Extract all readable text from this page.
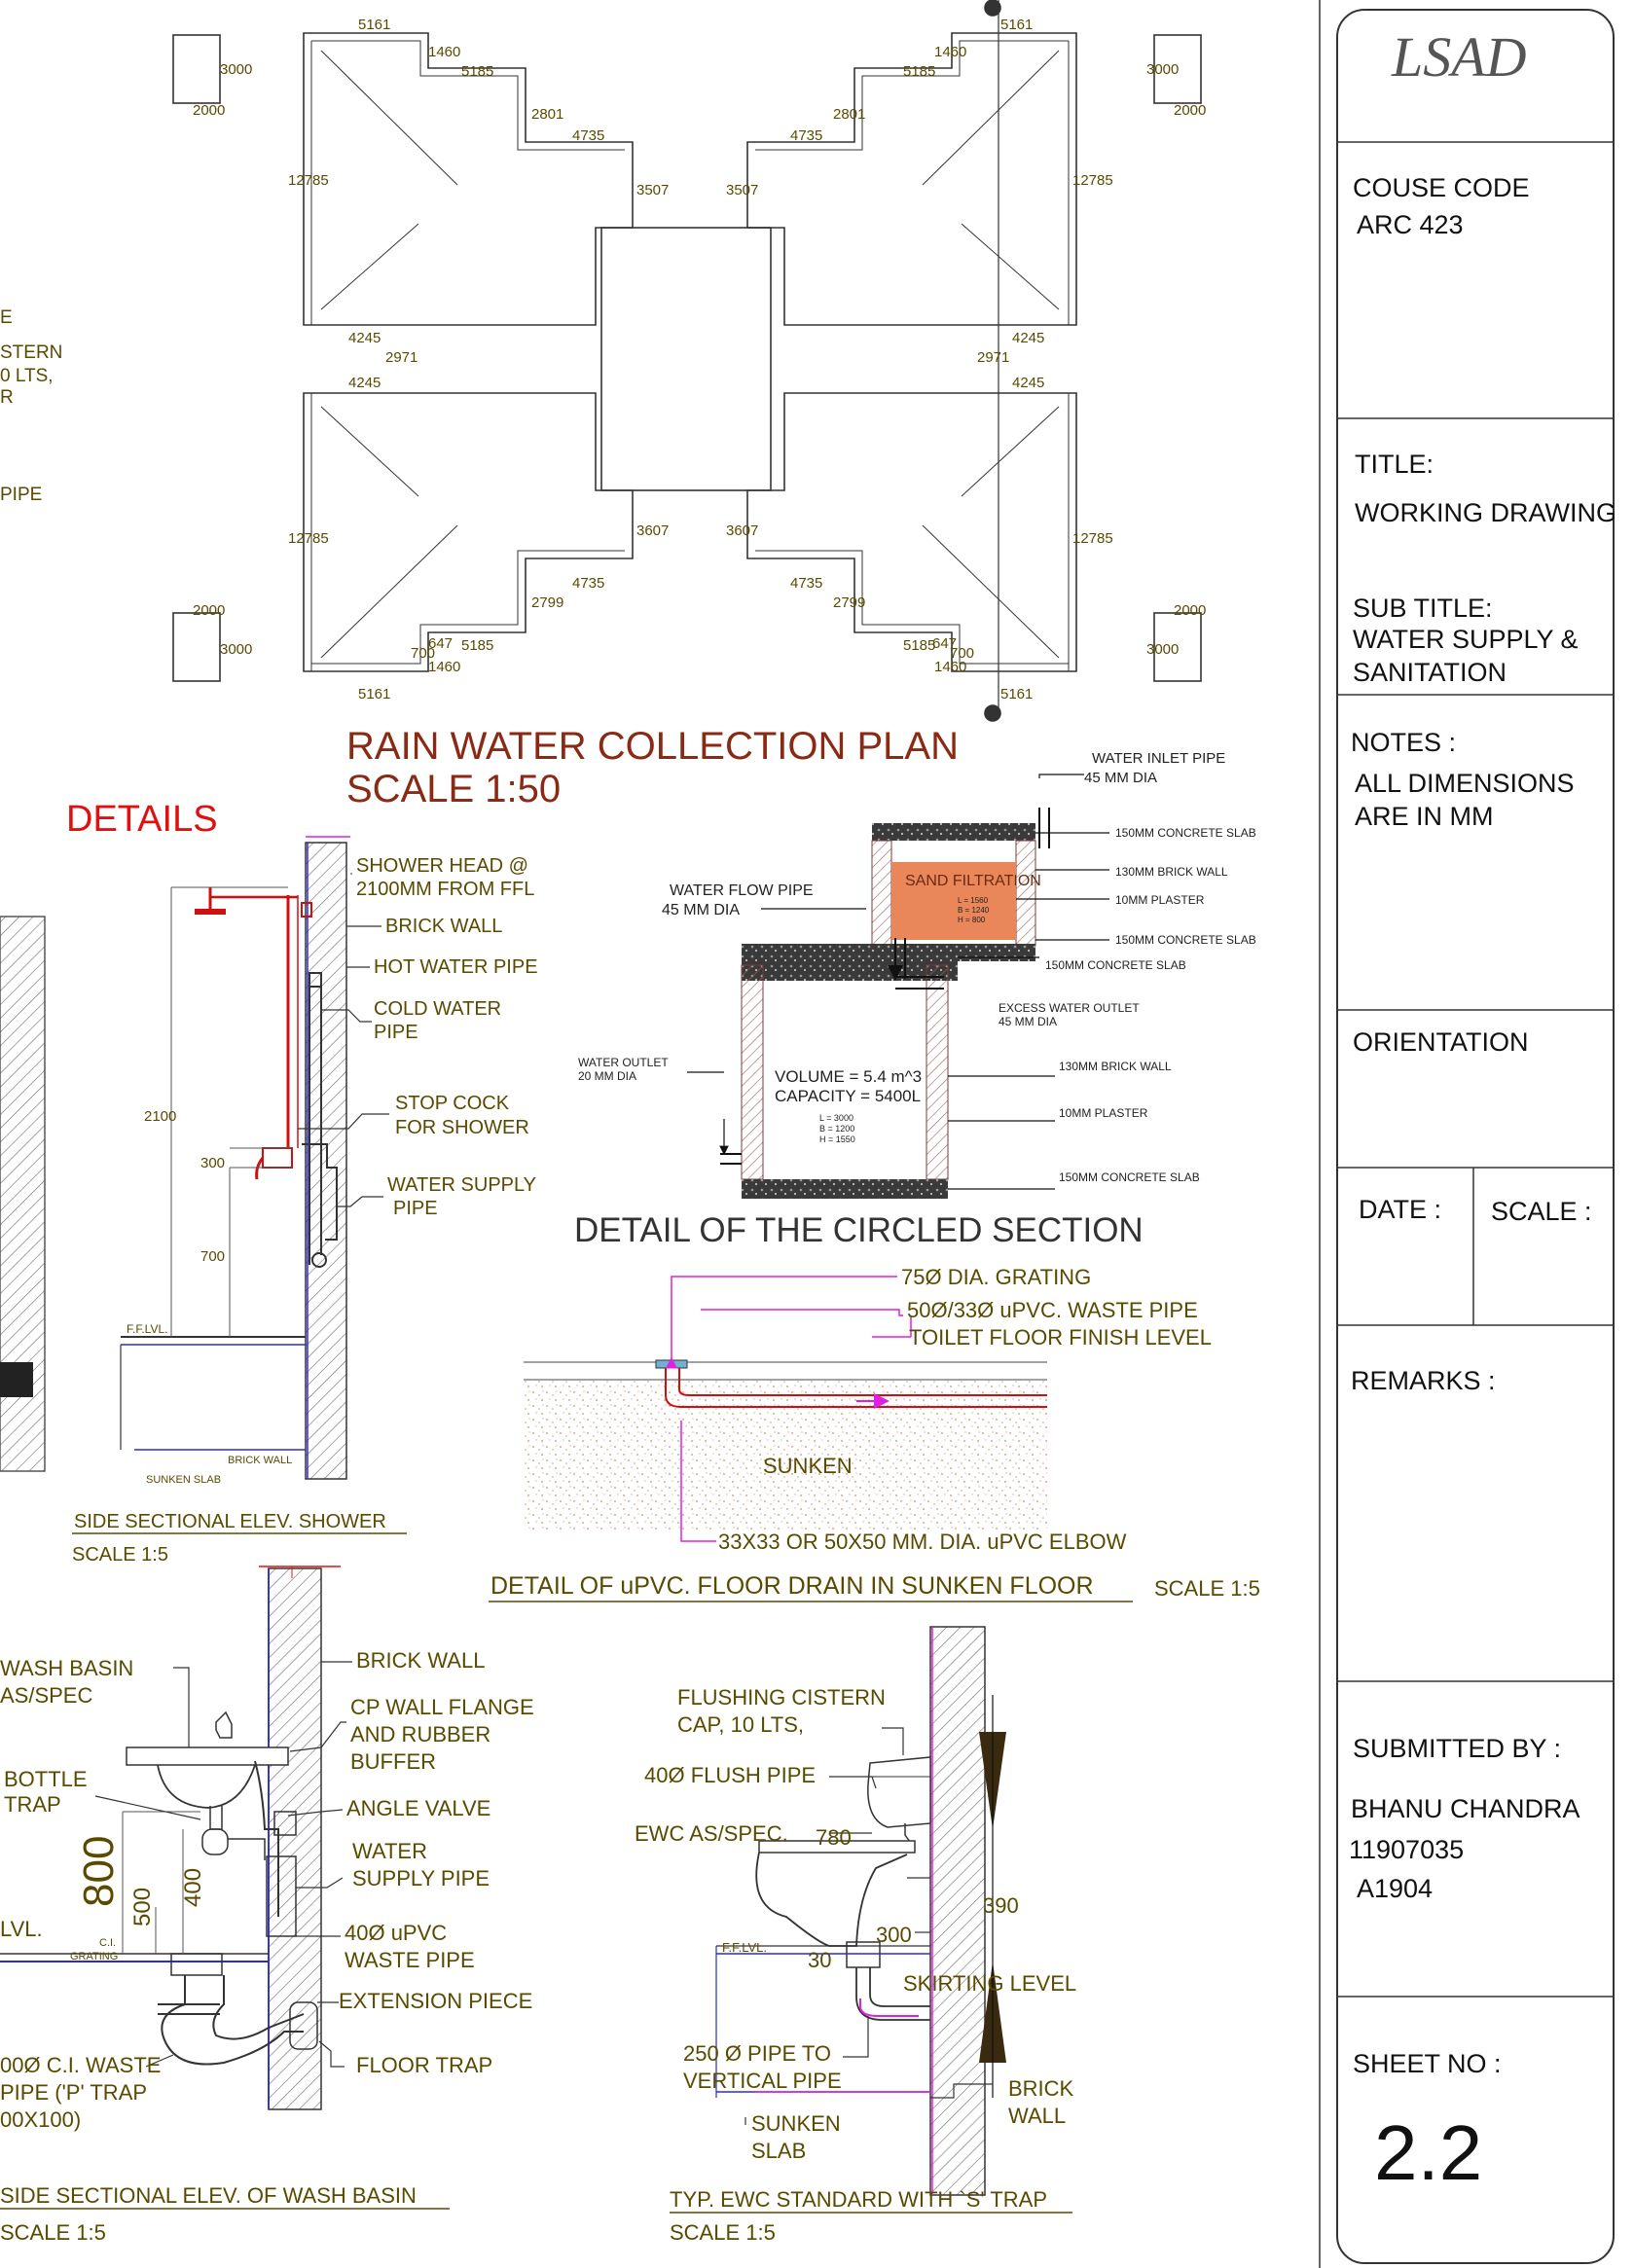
LSAD
COUSE CODE
ARC 423
TITLE:
WORKING DRAWING
SUB TITLE:
WATER SUPPLY &
SANITATION
NOTES :
ALL DIMENSIONS
ARE IN MM
ORIENTATION
DATE : SCALE :
REMARKS :
SUBMITTED BY :
BHANU CHANDRA
11907035
A1904
SHEET NO :
2.2
5161
1460
5185
2801
4735
3507
12785
4245
2971
4245
3607
12785
4735
2799
647
700 5185
1460
5161
5161
1460
5185
2801
4735
3507
12785
4245
2971
4245
3607	12785
4735
2799
647
700
5185
1460
5161
3000
2000
3000
2000
2000
3000
2000
3000
E
STERN
0 LTS,
R
PIPE
RAIN WATER COLLECTION PLAN
SCALE 1:50
DETAILS
SHOWER HEAD @
2100MM FROM FFL
BRICK WALL
HOT WATER PIPE
COLD WATER
PIPE
STOP COCK
FOR SHOWER
WATER SUPPLY
PIPE
2100
300
700
F.F.LVL.
BRICK WALL
SUNKEN SLAB
SIDE SECTIONAL ELEV. SHOWER
SCALE 1:5
WATER INLET PIPE
45 MM DIA
150MM CONCRETE SLAB
130MM BRICK WALL
10MM PLASTER
150MM CONCRETE SLAB
150MM CONCRETE SLAB
EXCESS WATER OUTLET
45 MM DIA
130MM BRICK WALL
10MM PLASTER
150MM CONCRETE SLAB
WATER FLOW PIPE
45 MM DIA
WATER OUTLET
20 MM DIA
SAND FILTRATION
L = 1560
B = 1240
H = 800
VOLUME = 5.4 m^3
CAPACITY = 5400L
L = 3000
B = 1200
H = 1550
DETAIL OF THE CIRCLED SECTION
75Ø DIA. GRATING
50Ø/33Ø uPVC. WASTE PIPE
TOILET FLOOR FINISH LEVEL
SUNKEN
33X33 OR 50X50 MM. DIA. uPVC ELBOW
DETAIL OF uPVC. FLOOR DRAIN IN SUNKEN FLOOR	SCALE 1:5
WASH BASIN
AS/SPEC
BOTTLE
TRAP
BRICK WALL
CP WALL FLANGE
AND RUBBER
BUFFER
ANGLE VALVE
WATER
SUPPLY PIPE
40Ø uPVC
WASTE PIPE
EXTENSION PIECE
FLOOR TRAP
00Ø C.I. WASTE
PIPE ('P' TRAP
00X100)
LVL.
C.I.
GRATING
SIDE SECTIONAL ELEV. OF WASH BASIN
SCALE 1:5
800 500 400
FLUSHING CISTERN
CAP, 10 LTS,
40Ø FLUSH PIPE
EWC AS/SPEC.
SKIRTING LEVEL
250 Ø PIPE TO
VERTICAL PIPE
SUNKEN
SLAB
BRICK
WALL
F.F.LVL.
780
390
300
30
TYP. EWC STANDARD WITH `S' TRAP
SCALE 1:5
